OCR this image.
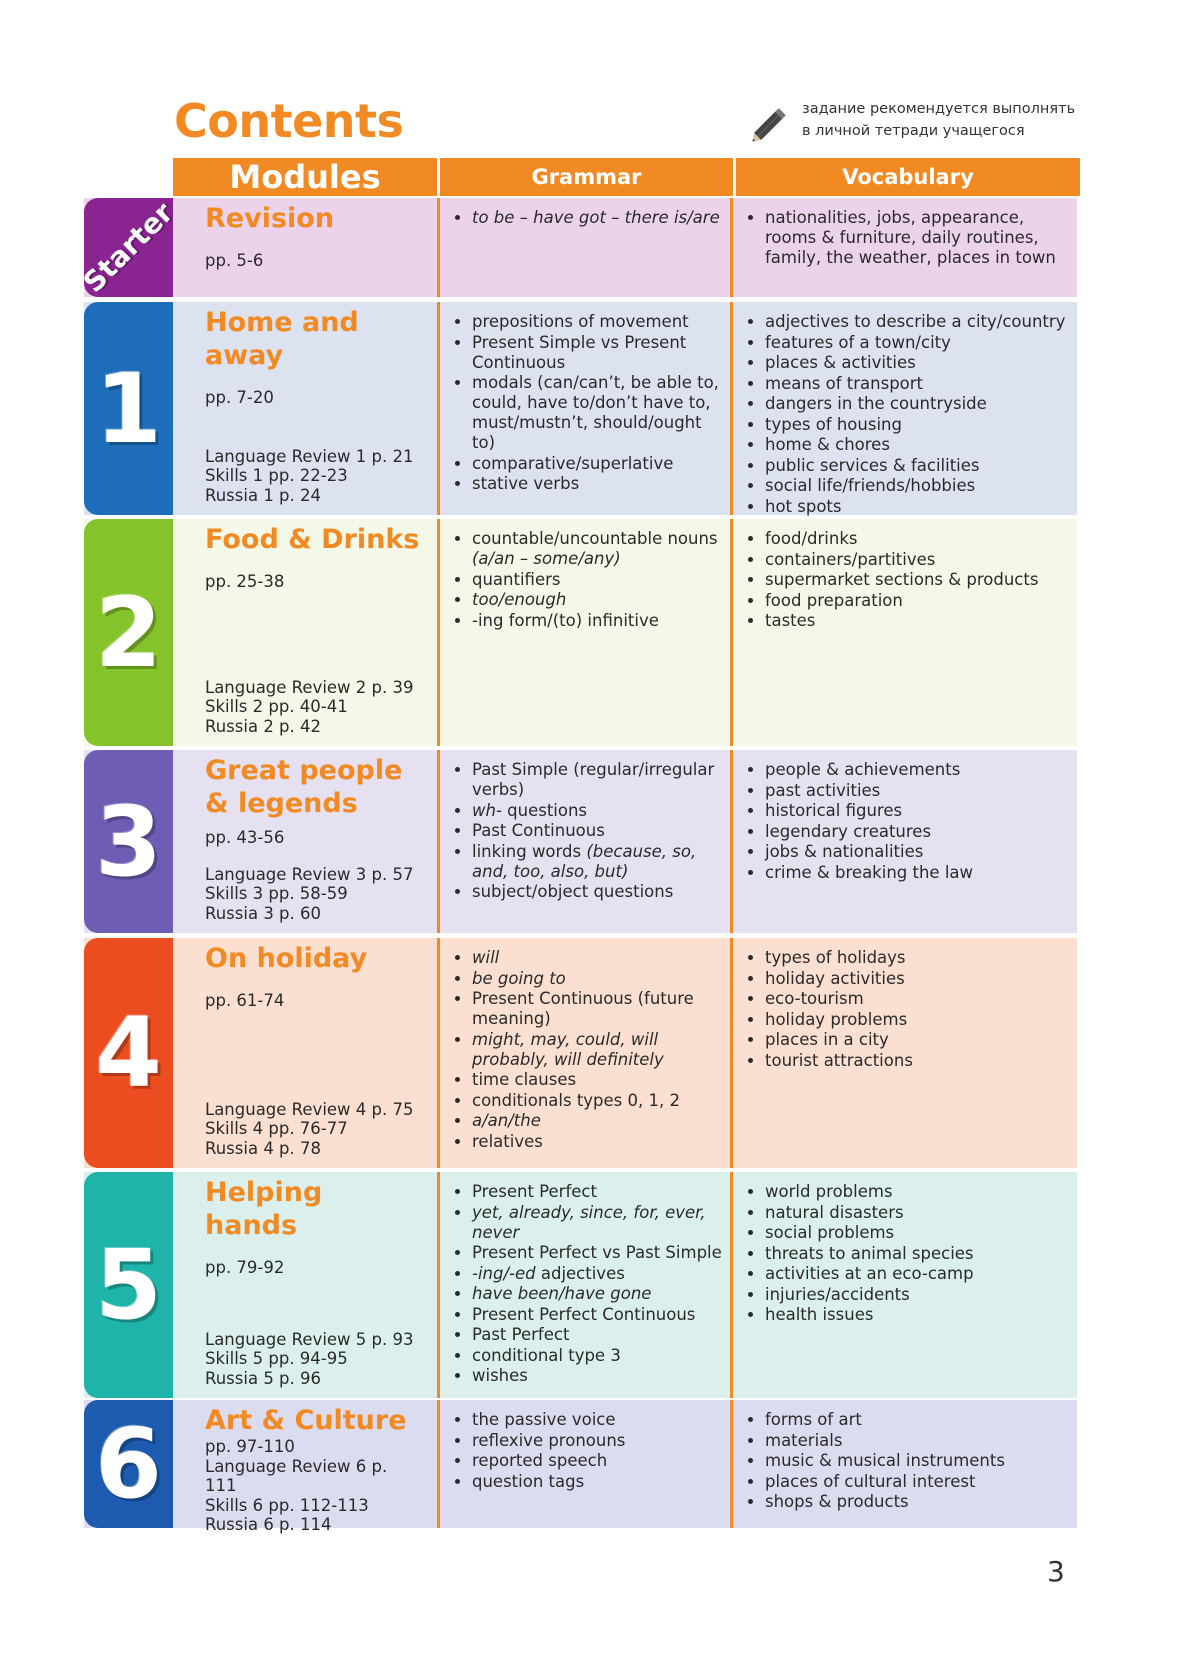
Contents	задание рекомендуется выполнять
в личной тетради учащегося
Modules	Grammar	Vocabulary
Starter Revision
pp. 5-6
• to be – have got – there is/are
•	nationalities, jobs, appearance, rooms & furniture, daily routines, family, the weather, places in town
1
Home and away
pp. 7-20
Language Review 1 p. 21
Skills 1 pp. 22-23
Russia 1 p. 24
• prepositions of movement
• Present Simple vs Present Continuous
• modals (can/can’t, be able to, could, have to/don’t have to, must/mustn’t, should/ought to)
• comparative/superlative
• stative verbs
• adjectives to describe a city/country
• features of a town/city
• places & activities
• means of transport
• dangers in the countryside
• types of housing
• home & chores
• public services & facilities
• social life/friends/hobbies
• hot spots
2
Food & Drinks
pp. 25-38
Language Review 2 p. 39
Skills 2 pp. 40-41
Russia 2 p. 42
• countable/uncountable nouns (a/an – some/any)
• quantifiers
• too/enough
• -ing form/(to) infinitive
• food/drinks
• containers/partitives
• supermarket sections & products
• food preparation
• tastes
3
Great people & legends
pp. 43-56
Language Review 3 p. 57
Skills 3 pp. 58-59
Russia 3 p. 60
• Past Simple (regular/irregular verbs)
• wh- questions
• Past Continuous
• linking words (because, so, and, too, also, but)
• subject/object questions
• people & achievements
• past activities
• historical figures
• legendary creatures
• jobs & nationalities
• crime & breaking the law
4
On holiday
pp. 61-74
Language Review 4 p. 75
Skills 4 pp. 76-77
Russia 4 p. 78
• will
• be going to
• Present Continuous (future meaning)
• might, may, could, will probably, will definitely
• time clauses
• conditionals types 0, 1, 2
• a/an/the
• relatives
• types of holidays
• holiday activities
• eco-tourism
• holiday problems
• places in a city
• tourist attractions
5
Helping hands
pp. 79-92
Language Review 5 p. 93
Skills 5 pp. 94-95
Russia 5 p. 96
• Present Perfect
• yet, already, since, for, ever, never
• Present Perfect vs Past Simple
• -ing/-ed adjectives
• have been/have gone
• Present Perfect Continuous
• Past Perfect
• conditional type 3
• wishes
• world problems
• natural disasters
• social problems
• threats to animal species
• activities at an eco-camp
• injuries/accidents
• health issues
6 Art & Culture
pp. 97-110
Language Review 6 p. 111
Skills 6 pp. 112-113
Russia 6 p. 114
• the passive voice
• reflexive pronouns
• reported speech
• question tags
• forms of art
• materials
• music & musical instruments
• places of cultural interest
• shops & products
3
